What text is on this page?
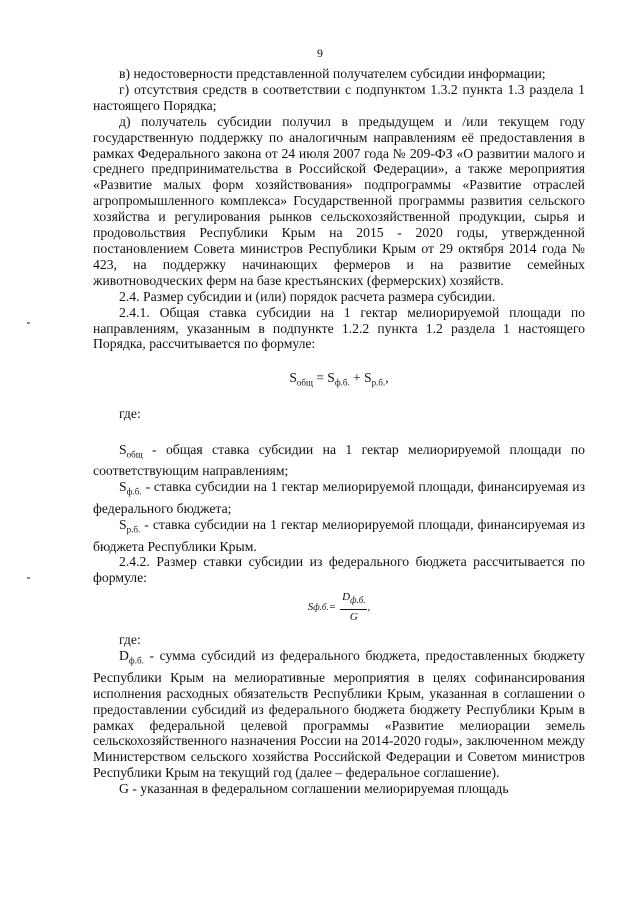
9

в) недостоверности представленной получателем субсидии информации;

г) отсутствия средств в соответствии с подпунктом 1.3.2 пункта 1.3 раздела 1 настоящего Порядка;

д) получатель субсидии получил в предыдущем и /или текущем году государственную поддержку по аналогичным направлениям её предоставления в рамках Федерального закона от 24 июля 2007 года № 209-ФЗ «О развитии малого и среднего предпринимательства в Российской Федерации», а также мероприятия «Развитие малых форм хозяйствования» подпрограммы «Развитие отраслей агропромышленного комплекса» Государственной программы развития сельского хозяйства и регулирования рынков сельскохозяйственной продукции, сырья и продовольствия Республики Крым на 2015 - 2020 годы, утвержденной постановлением Совета министров Республики Крым от 29 октября 2014 года № 423, на поддержку начинающих фермеров и на развитие семейных животноводческих ферм на базе крестьянских (фермерских) хозяйств.

2.4. Размер субсидии и (или) порядок расчета размера субсидии.

2.4.1. Общая ставка субсидии на 1 гектар мелиорируемой площади по направлениям, указанным в подпункте 1.2.2 пункта 1.2 раздела 1 настоящего Порядка, рассчитывается по формуле:

$S_{общ} = S_{ф.б.} + S_{р.б.}$,

где:

$S_{общ}$ - общая ставка субсидии на 1 гектар мелиорируемой площади по соответствующим направлениям;

$S_{ф.б.}$ - ставка субсидии на 1 гектар мелиорируемой площади, финансируемая из федерального бюджета;

$S_{р.б.}$ - ставка субсидии на 1 гектар мелиорируемой площади, финансируемая из бюджета Республики Крым.

2.4.2. Размер ставки субсидии из федерального бюджета рассчитывается по формуле:

S ф.б. = $\frac{D_{ф.б.}}{G}$ ,

где:

$D_{ф.б.}$ - сумма субсидий из федерального бюджета, предоставленных бюджету Республики Крым на мелиоративные мероприятия в целях софинансирования исполнения расходных обязательств Республики Крым, указанная в соглашении о предоставлении субсидий из федерального бюджета бюджету Республики Крым в рамках федеральной целевой программы «Развитие мелиорации земель сельскохозяйственного назначения России на 2014-2020 годы», заключенном между Министерством сельского хозяйства Российской Федерации и Советом министров Республики Крым на текущий год (далее – федеральное соглашение).

G - указанная в федеральном соглашении мелиорируемая площадь
